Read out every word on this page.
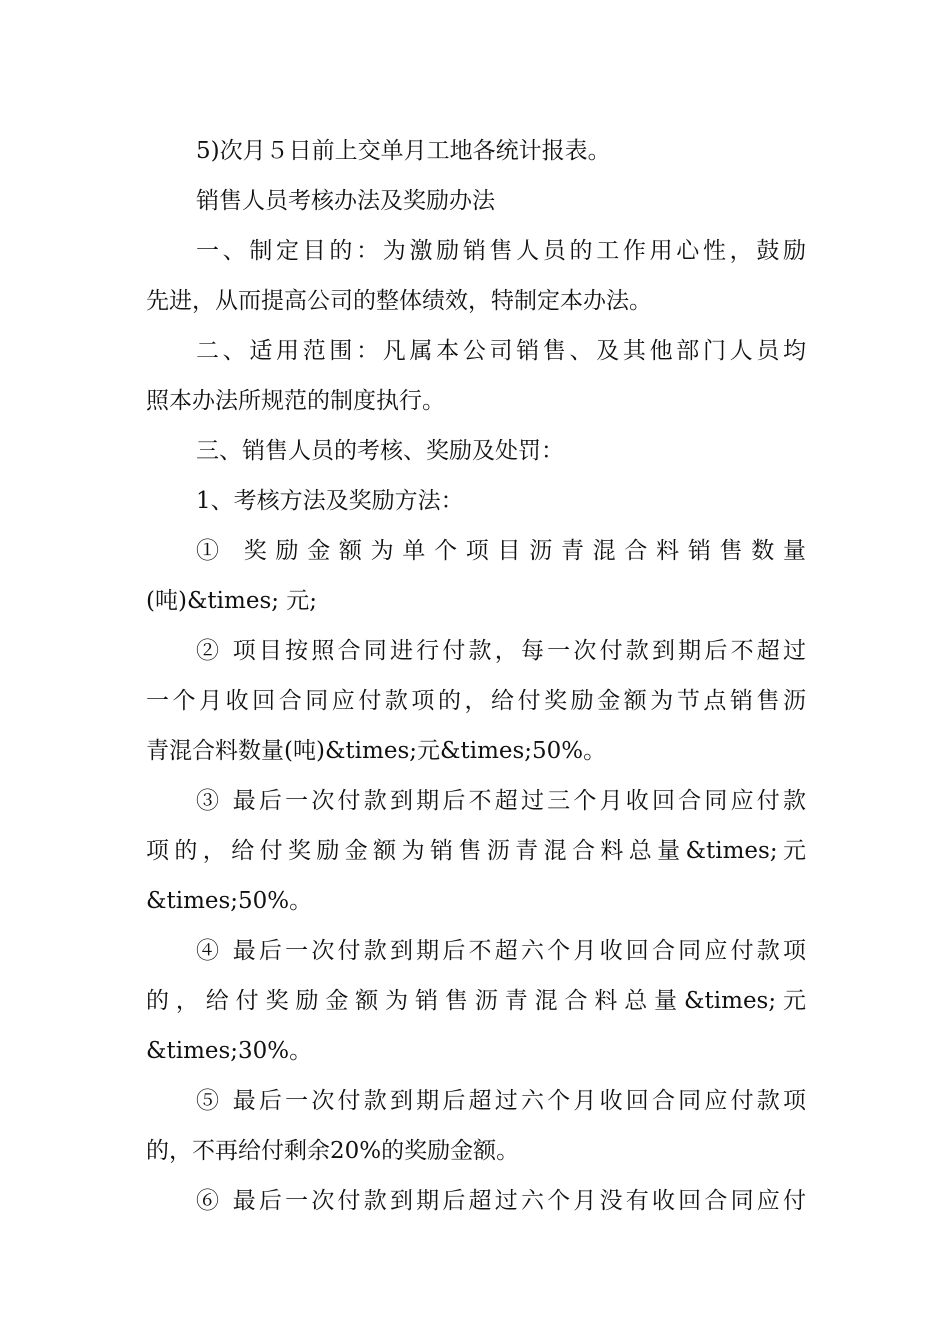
5)次月５日前上交单月工地各统计报表。
销售人员考核办法及奖励办法
一、制定目的：为激励销售人员的工作用心性，鼓励
先进，从而提高公司的整体绩效，特制定本办法。
二、适用范围：凡属本公司销售、及其他部门人员均
照本办法所规范的制度执行。
三、销售人员的考核、奖励及处罚：
1、考核方法及奖励方法：
① 奖励金额为单个项目沥青混合料销售数量
(吨)&times; 元;
② 项目按照合同进行付款，每一次付款到期后不超过
一个月收回合同应付款项的，给付奖励金额为节点销售沥
青混合料数量(吨)&times;元&times;50%。
③ 最后一次付款到期后不超过三个月收回合同应付款
项的，给付奖励金额为销售沥青混合料总量&times;元
&times;50%。
④ 最后一次付款到期后不超六个月收回合同应付款项
的，给付奖励金额为销售沥青混合料总量&times;元
&times;30%。
⑤ 最后一次付款到期后超过六个月收回合同应付款项
的，不再给付剩余20%的奖励金额。
⑥ 最后一次付款到期后超过六个月没有收回合同应付
